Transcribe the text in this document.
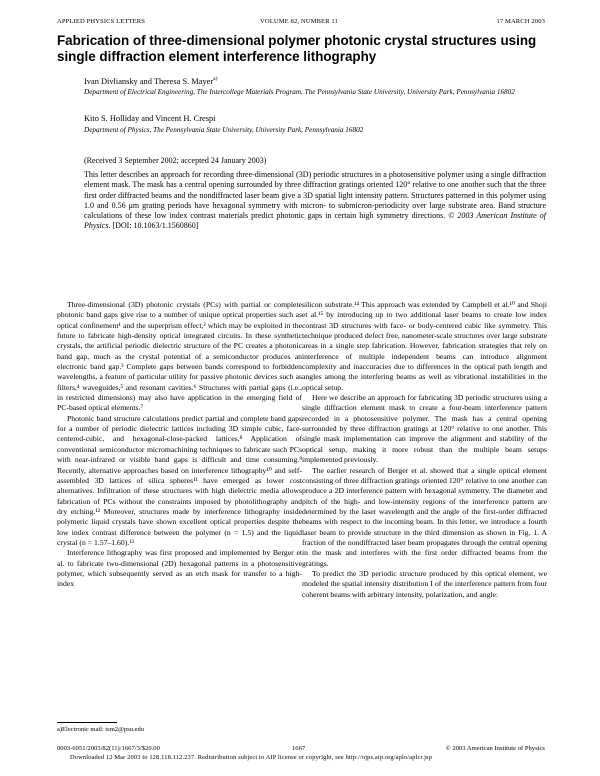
APPLIED PHYSICS LETTERS	VOLUME 82, NUMBER 11	17 MARCH 2003
Fabrication of three-dimensional polymer photonic crystal structures using single diffraction element interference lithography
Ivan Divliansky and Theresa S. Mayer$^{a)}$
Department of Electrical Engineering, The Intercollege Materials Program, The Pennsylvania State University, University Park, Pennsylvania 16802
Kito S. Holliday and Vincent H. Crespi
Department of Physics, The Pennsylvania State University, University Park, Pennsylvania 16802
(Received 3 September 2002; accepted 24 January 2003)
This letter describes an approach for recording three-dimensional (3D) periodic structures in a photosensitive polymer using a single diffraction element mask. The mask has a central opening surrounded by three diffraction gratings oriented 120° relative to one another such that the three first order diffracted beams and the nondiffracted laser beam give a 3D spatial light intensity pattern. Structures patterned in this polymer using 1.0 and 0.56 μm grating periods have hexagonal symmetry with micron- to submicron-periodicity over large substrate area. Band structure calculations of these low index contrast materials predict photonic gaps in certain high symmetry directions. © 2003 American Institute of Physics. [DOI: 10.1063/1.1560860]

Three-dimensional (3D) photonic crystals (PCs) with partial or complete photonic band gaps give rise to a number of unique optical properties such as optical confinement¹ and the superprism effect,² which may be exploited in the future to fabricate high-density optical integrated circuits. In these synthetic crystals, the artificial periodic dielectric structure of the PC creates a photonic band gap, much as the crystal potential of a semiconductor produces an electronic band gap.³ Complete gaps between bands correspond to forbidden wavelengths, a feature of particular utility for passive photonic devices such as filters,⁴ waveguides,⁵ and resonant cavities.⁶ Structures with partial gaps (i.e., in restricted dimensions) may also have application in the emerging field of PC-based optical elements.⁷

Photonic band structure calculations predict partial and complete band gaps for a number of periodic dielectric lattices including 3D simple cubic, face-centered-cubic, and hexagonal-close-packed lattices.⁸ Application of conventional semiconductor micromachining techniques to fabricate such PCs with near-infrared or visible band gaps is difficult and time consuming.⁹ Recently, alternative approaches based on interference lithography¹⁰ and self-assembled 3D lattices of silica spheres¹¹ have emerged as lower cost alternatives. Infiltration of these structures with high dielectric media allows fabrication of PCs without the constraints imposed by photolithography and dry etching.¹² Moreover, structures made by interference lithography inside polymeric liquid crystals have shown excellent optical properties despite the low index contrast difference between the polymer (n = 1.5) and the liquid crystal (n = 1.57–1.60).¹³

Interference lithography was first proposed and implemented by Berger et al. to fabricate two-dimensional (2D) hexagonal patterns in a photosensitive polymer, which subsequently served as an etch mask for transfer to a high-index

silicon substrate.¹⁴ This approach was extended by Campbell et al.¹⁰ and Shoji et al.¹⁵ by introducing up to two additional laser beams to create low index contrast 3D structures with face- or body-centered cubic like symmetry. This technique produced defect free, nanometer-scale structures over large substrate areas in a single step fabrication. However, fabrication strategies that rely on interference of multiple independent beams can introduce alignment complexity and inaccuracies due to differences in the optical path length and angles among the interfering beams as well as vibrational instabilities in the optical setup.

Here we describe an approach for fabricating 3D periodic structures using a single diffraction element mask to create a four-beam interference pattern recorded in a photosensitive polymer. The mask has a central opening surrounded by three diffraction gratings at 120° relative to one another. This single mask implementation can improve the alignment and stability of the optical setup, making it more robust than the multiple beam setups implemented previously.

The earlier research of Berger et al. showed that a single optical element consisting of three diffraction gratings oriented 120° relative to one another can produce a 2D interference pattern with hexagonal symmetry. The diameter and pitch of the high- and low-intensity regions of the interference pattern are determined by the laser wavelength and the angle of the first-order diffracted beams with respect to the incoming beam. In this letter, we introduce a fourth laser beam to provide structure in the third dimension as shown in Fig. 1. A fraction of the nondiffracted laser beam propagates through the central opening in the mask and interferes with the first order diffracted beams from the gratings.

To predict the 3D periodic structure produced by this optical element, we modeled the spatial intensity distribution I of the interference pattern from four coherent beams with arbitrary intensity, polarization, and angle:

a)Electronic mail: tsm2@psu.edu
0003-6951/2003/82(11)/1667/3/$20.00	1667	© 2003 American Institute of Physics
Downloaded 12 Mar 2003 to 128.118.112.237. Redistribution subject to AIP license or copyright, see http://ojps.aip.org/aplo/aplcr.jsp
